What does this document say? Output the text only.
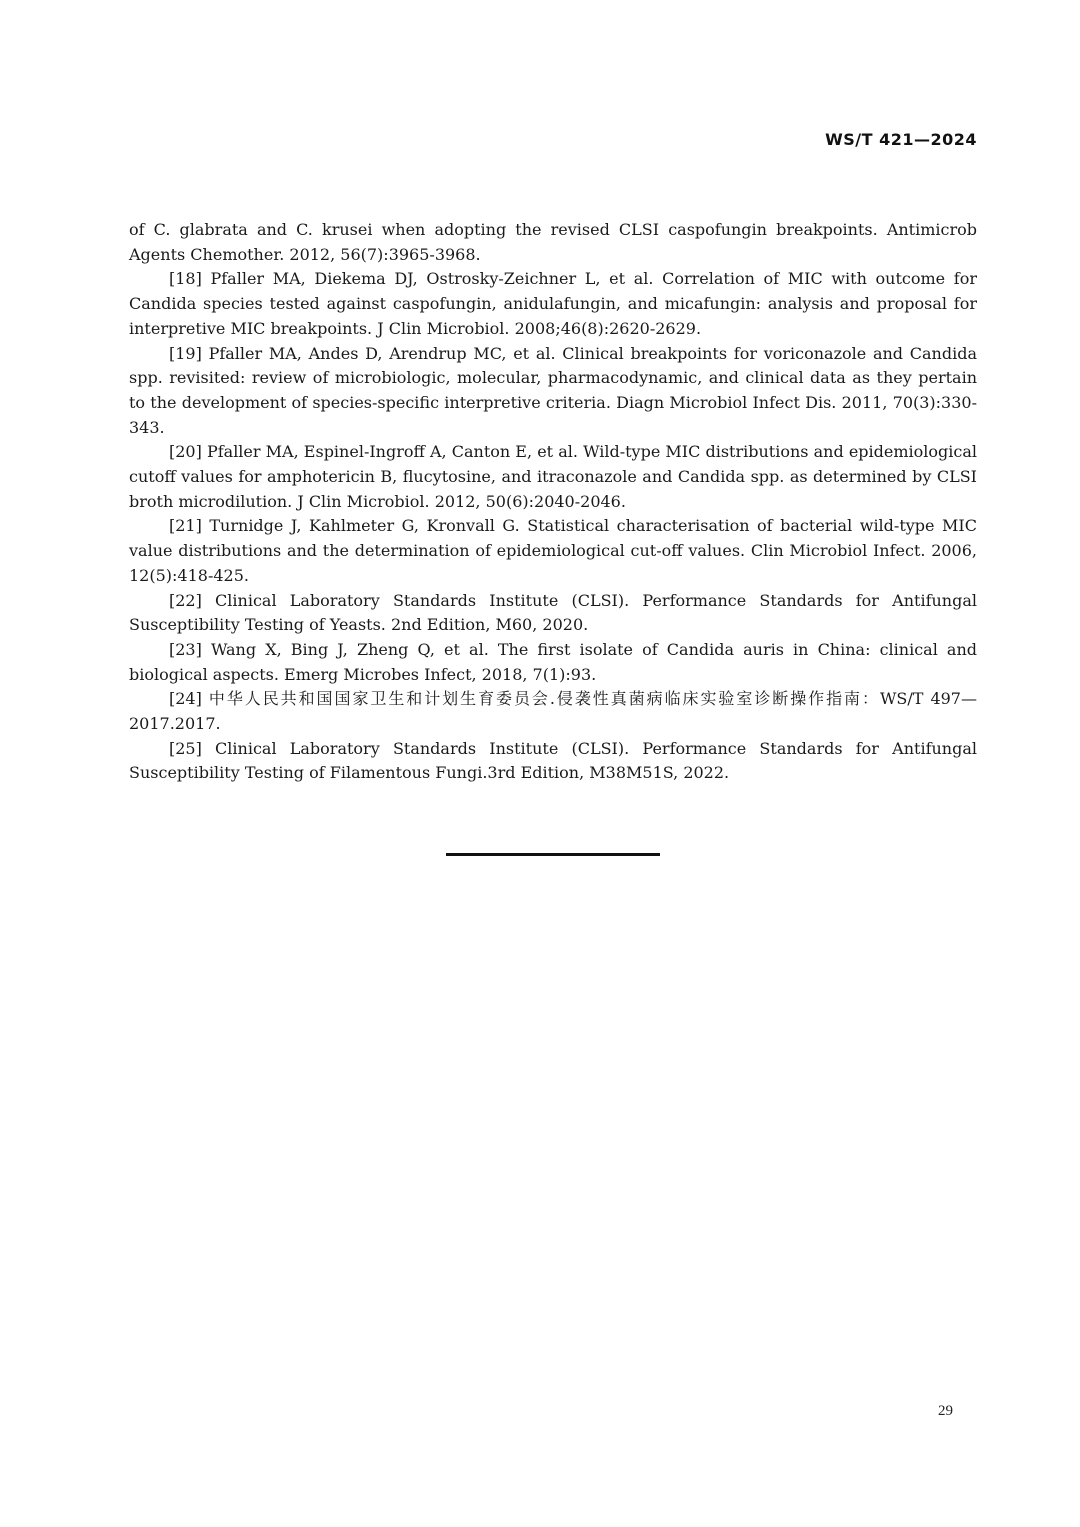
WS/T 421—2024

of C. glabrata and C. krusei when adopting the revised CLSI caspofungin breakpoints. Antimicrob Agents Chemother. 2012, 56(7):3965-3968.

[18] Pfaller MA, Diekema DJ, Ostrosky-Zeichner L, et al. Correlation of MIC with outcome for Candida species tested against caspofungin, anidulafungin, and micafungin: analysis and proposal for interpretive MIC breakpoints. J Clin Microbiol. 2008;46(8):2620-2629.

[19] Pfaller MA, Andes D, Arendrup MC, et al. Clinical breakpoints for voriconazole and Candida spp. revisited: review of microbiologic, molecular, pharmacodynamic, and clinical data as they pertain to the development of species-specific interpretive criteria. Diagn Microbiol Infect Dis. 2011, 70(3):330-343.

[20] Pfaller MA, Espinel-Ingroff A, Canton E, et al. Wild-type MIC distributions and epidemiological cutoff values for amphotericin B, flucytosine, and itraconazole and Candida spp. as determined by CLSI broth microdilution. J Clin Microbiol. 2012, 50(6):2040-2046.

[21] Turnidge J, Kahlmeter G, Kronvall G. Statistical characterisation of bacterial wild-type MIC value distributions and the determination of epidemiological cut-off values. Clin Microbiol Infect. 2006, 12(5):418-425.

[22] Clinical Laboratory Standards Institute (CLSI). Performance Standards for Antifungal Susceptibility Testing of Yeasts. 2nd Edition, M60, 2020.

[23] Wang X, Bing J, Zheng Q, et al. The first isolate of Candida auris in China: clinical and biological aspects. Emerg Microbes Infect, 2018, 7(1):93.

[24] 中华人民共和国国家卫生和计划生育委员会.侵袭性真菌病临床实验室诊断操作指南：WS/T 497—2017.2017.

[25] Clinical Laboratory Standards Institute (CLSI). Performance Standards for Antifungal Susceptibility Testing of Filamentous Fungi.3rd Edition, M38M51S, 2022.

29
